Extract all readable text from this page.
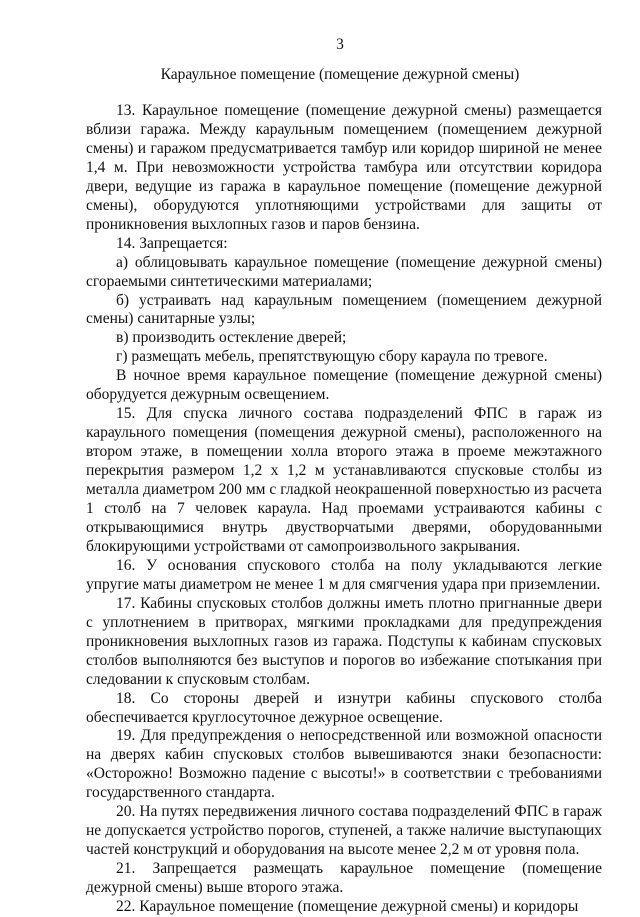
3
Караульное помещение (помещение дежурной смены)

13. Караульное помещение (помещение дежурной смены) размещается вблизи гаража. Между караульным помещением (помещением дежурной смены) и гаражом предусматривается тамбур или коридор шириной не менее 1,4 м. При невозможности устройства тамбура или отсутствии коридора двери, ведущие из гаража в караульное помещение (помещение дежурной смены), оборудуются уплотняющими устройствами для защиты от проникновения выхлопных газов и паров бензина.

14. Запрещается:

а) облицовывать караульное помещение (помещение дежурной смены) сгораемыми синтетическими материалами;

б) устраивать над караульным помещением (помещением дежурной смены) санитарные узлы;

в) производить остекление дверей;

г) размещать мебель, препятствующую сбору караула по тревоге.

В ночное время караульное помещение (помещение дежурной смены) оборудуется дежурным освещением.

15. Для спуска личного состава подразделений ФПС в гараж из караульного помещения (помещения дежурной смены), расположенного на втором этаже, в помещении холла второго этажа в проеме межэтажного перекрытия размером 1,2 х 1,2 м устанавливаются спусковые столбы из металла диаметром 200 мм с гладкой неокрашенной поверхностью из расчета 1 столб на 7 человек караула. Над проемами устраиваются кабины с открывающимися внутрь двустворчатыми дверями, оборудованными блокирующими устройствами от самопроизвольного закрывания.

16. У основания спускового столба на полу укладываются легкие упругие маты диаметром не менее 1 м для смягчения удара при приземлении.

17. Кабины спусковых столбов должны иметь плотно пригнанные двери с уплотнением в притворах, мягкими прокладками для предупреждения проникновения выхлопных газов из гаража. Подступы к кабинам спусковых столбов выполняются без выступов и порогов во избежание спотыкания при следовании к спусковым столбам.

18. Со стороны дверей и изнутри кабины спускового столба обеспечивается круглосуточное дежурное освещение.

19. Для предупреждения о непосредственной или возможной опасности на дверях кабин спусковых столбов вывешиваются знаки безопасности: «Осторожно! Возможно падение с высоты!» в соответствии с требованиями государственного стандарта.

20. На путях передвижения личного состава подразделений ФПС в гараж не допускается устройство порогов, ступеней, а также наличие выступающих частей конструкций и оборудования на высоте менее 2,2 м от уровня пола.

21. Запрещается размещать караульное помещение (помещение дежурной смены) выше второго этажа.

22. Караульное помещение (помещение дежурной смены) и коридоры
